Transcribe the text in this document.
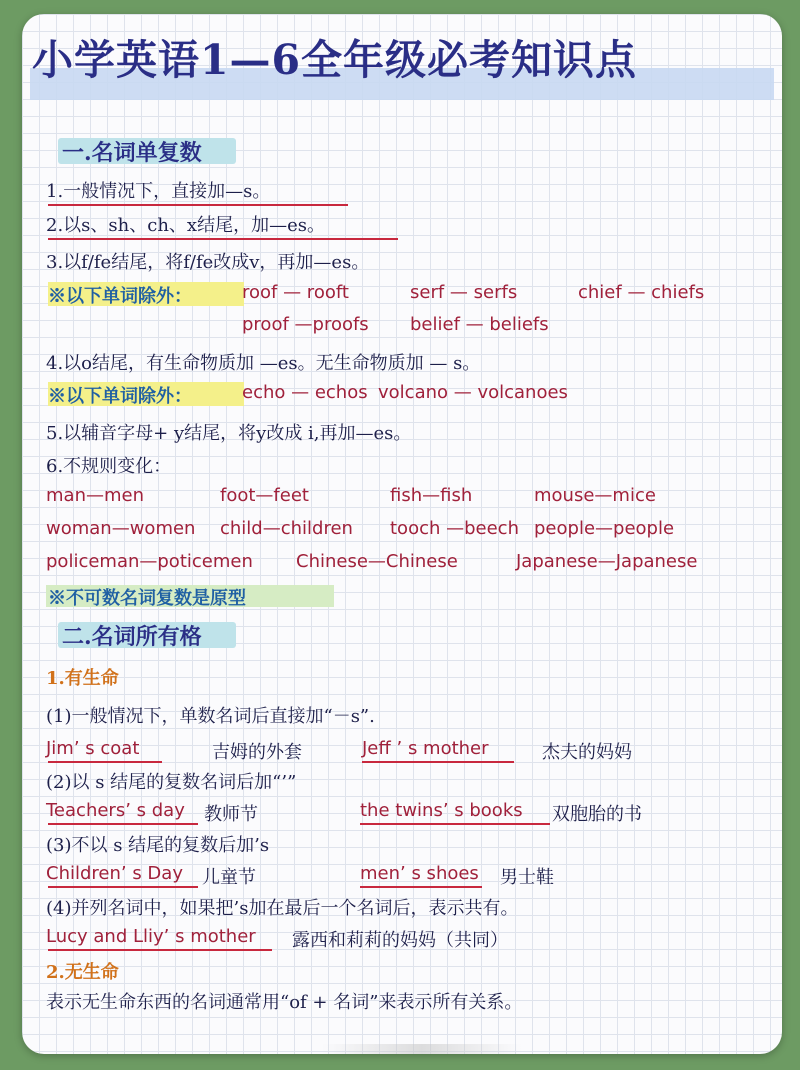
小学英语1—6全年级必考知识点
一.名词单复数
1.一般情况下，直接加—s。
2.以s、sh、ch、x结尾，加—es。
3.以f/fe结尾，将f/fe改成v，再加—es。
※以下单词除外：	roof — rooft	serf — serfs	chief — chiefs
proof —proofs belief — beliefs
4.以o结尾，有生命物质加 —es。无生命物质加 — s。
※以下单词除外：	echo — echos volcano — volcanoes
5.以辅音字母+ y结尾，将y改成 i,再加—es。
6.不规则变化：
man—men	foot—feet	fish—fish	mouse—mice
woman—women child—children tooch —beech people—people
policeman—poticemen Chinese—Chinese	Japanese—Japanese
※不可数名词复数是原型
二.名词所有格
1.有生命
(1)一般情况下，单数名词后直接加“－s”.
Jim’ s coat	吉姆的外套	Jeff ’ s mother	杰夫的妈妈
(2)以 s 结尾的复数名词后加“’”
Teachers’ s day 教师节	the twins’ s books 双胞胎的书
(3)不以 s 结尾的复数后加’s
Children’ s Day 儿童节	men’ s shoes 男士鞋
(4)并列名词中，如果把’s加在最后一个名词后，表示共有。
Lucy and Lliy’ s mother 露西和莉莉的妈妈（共同）
2.无生命
表示无生命东西的名词通常用“of + 名词”来表示所有关系。
